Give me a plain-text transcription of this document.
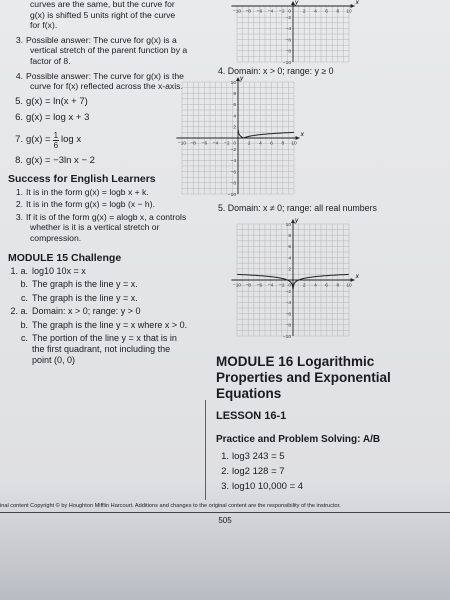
curves are the same, but the curve for
g(x) is shifted 5 units right of the curve
for f(x).
3. Possible answer: The curve for g(x) is a
vertical stretch of the parent function by a
factor of 8.
4. Possible answer: The curve for g(x) is the
curve for f(x) reflected across the x-axis.
5. g(x) = ln(x + 7)
6. g(x) = log x + 3
7. $g(x) = \frac{1}{6}$ log x
8. g(x) = −3ln x − 2
Success for English Learners
1. It is in the form g(x) = logb x + k.
2. It is in the form g(x) = logb (x − h).
3. If it is of the form g(x) = alogb x, a controls
whether is it is a vertical stretch or
compression.
MODULE 15 Challenge
1. a. log10 10x = x
b. The graph is the line y = x.
c. The graph is the line y = x.
2. a. Domain: x > 0; range: y > 0
b. The graph is the line y = x where x > 0.
c. The portion of the line y = x that is in
the first quadrant, not including the
point (0, 0)
x
y
−10 −8 −6 −4 −2	2 4 6 8 10
−2
−4
−6
−8
−10
0
4. Domain: x > 0; range: y ≥ 0
x
y
−10 −8 −6 −4 −2	2 4 6 8 10
10
8
6
4
2
−2
−4
−6
−8
−10
0
5. Domain: x ≠ 0; range: all real numbers
x
y
−10 −8 −6 −4 −2	2 4 6 8 10
10
8
6
4
2
−2
−4
−6
−8
−10
0
MODULE 16 Logarithmic
Properties and Exponential
Equations
LESSON 16-1
Practice and Problem Solving: A/B
1. log3 243 = 5
2. log2 128 = 7
3. log10 10,000 = 4
inal content Copyright © by Houghton Mifflin Harcourt. Additions and changes to the original content are the responsibility of the instructor.
505
